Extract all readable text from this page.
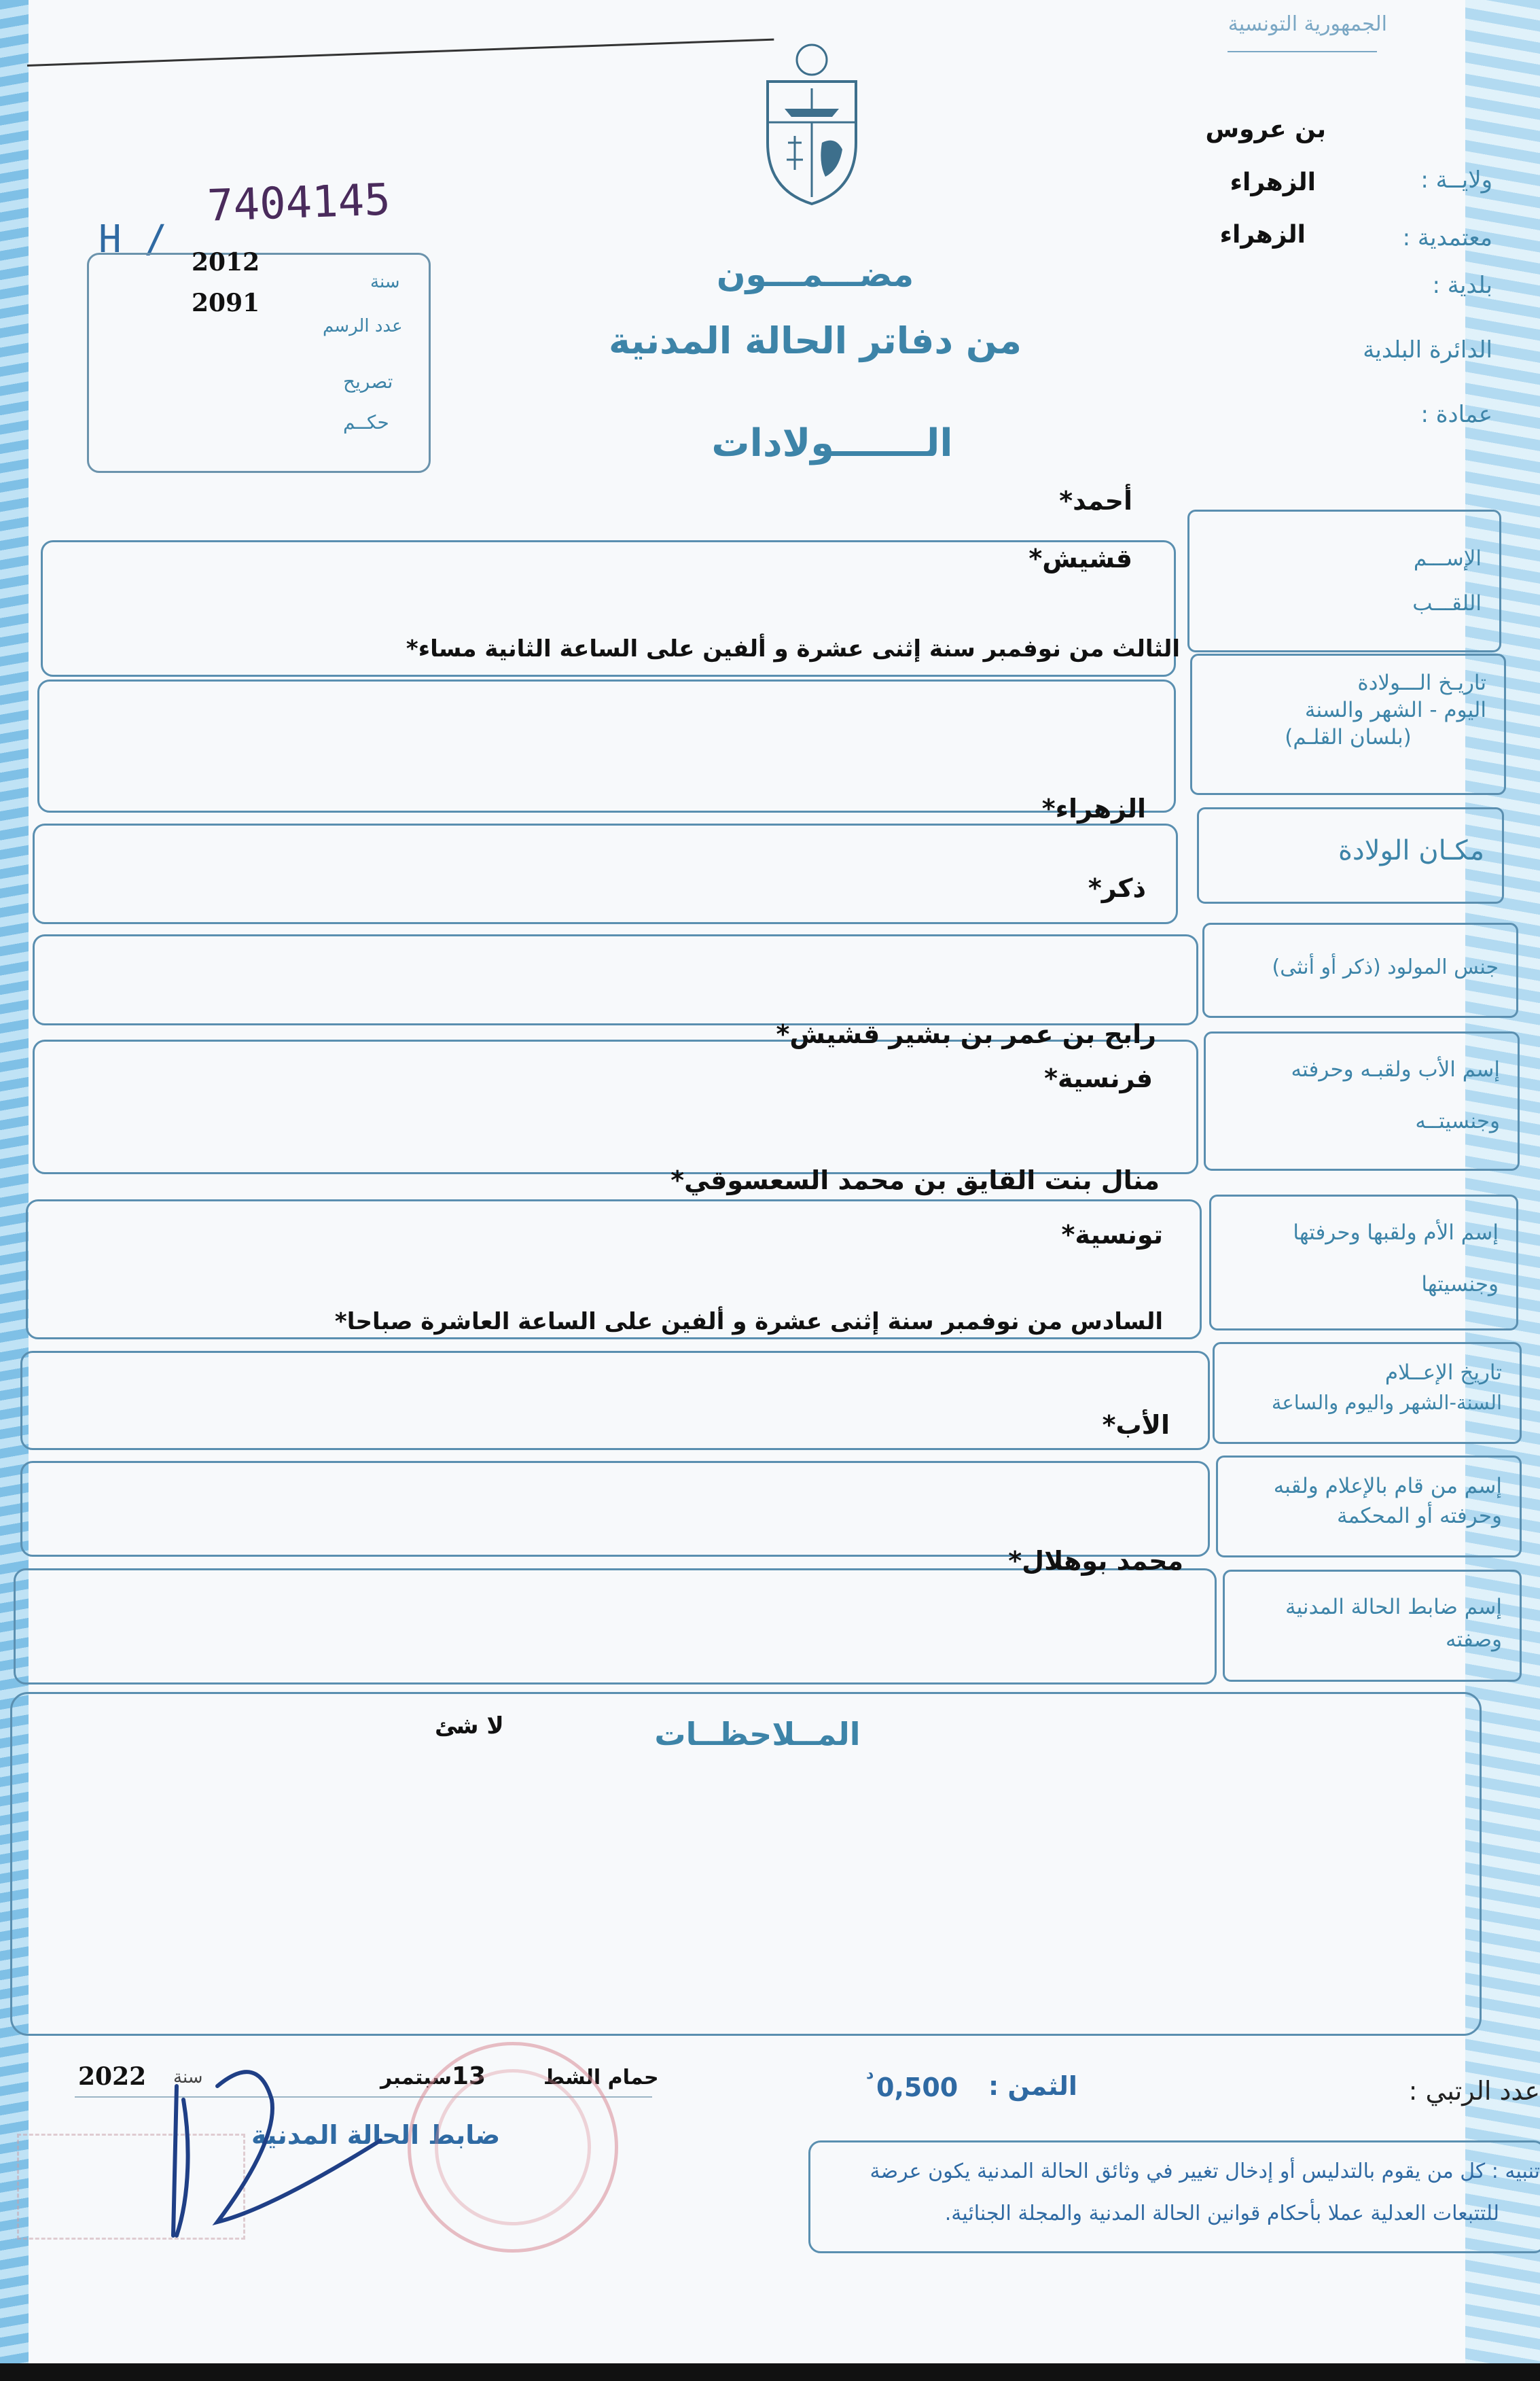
الجمهورية التونسية
بن عروس
ولايــة :
الزهراء
معتمدية :
الزهراء
بلدية :
الدائرة البلدية
عمادة :
H /
7404145
2012
2091
سنة
عدد الرسم
تصريح
حكــم
مضـــمـــون
من دفاتر الحالة المدنية
الـــــــولادات
الإســـم
اللقـــب
أحمد*
قشيش*
تاريـخ الـــولادة
اليوم - الشهر والسنة
(بلسان القلـم)
الثالث من نوفمبر سنة إثنى عشرة و ألفين على الساعة الثانية مساء*
مكـان الولادة
الزهراء*
جنس المولود (ذكر أو أنثى)
ذكر*
إسم الأب ولقبـه وحرفته
وجنسيتــه
رابح بن عمر بن بشير قشيش*
فرنسية*
إسم الأم ولقبها وحرفتها
وجنسيتها
منال بنت القايق بن محمد السعسوقي*
تونسية*
تاريخ الإعــلام
السنة-الشهر واليوم والساعة
السادس من نوفمبر سنة إثنى عشرة و ألفين على الساعة العاشرة صباحا*
إسم من قام بالإعلام ولقبه
وحرفته أو المحكمة
الأب*
إسم ضابط الحالة المدنية
وصفته
محمد بوهلال*
المــلاحظــات
لا شئ
عدد الرتبي :
الثمن :
0,500
د
حمام الشط
13
سبتمبر
سنة
2022
ضابط الحالة المدنية
تنبيه : كل من يقوم بالتدليس أو إدخال تغيير في وثائق الحالة المدنية يكون عرضة
للتتبعات العدلية عملا بأحكام قوانين الحالة المدنية والمجلة الجنائية.
